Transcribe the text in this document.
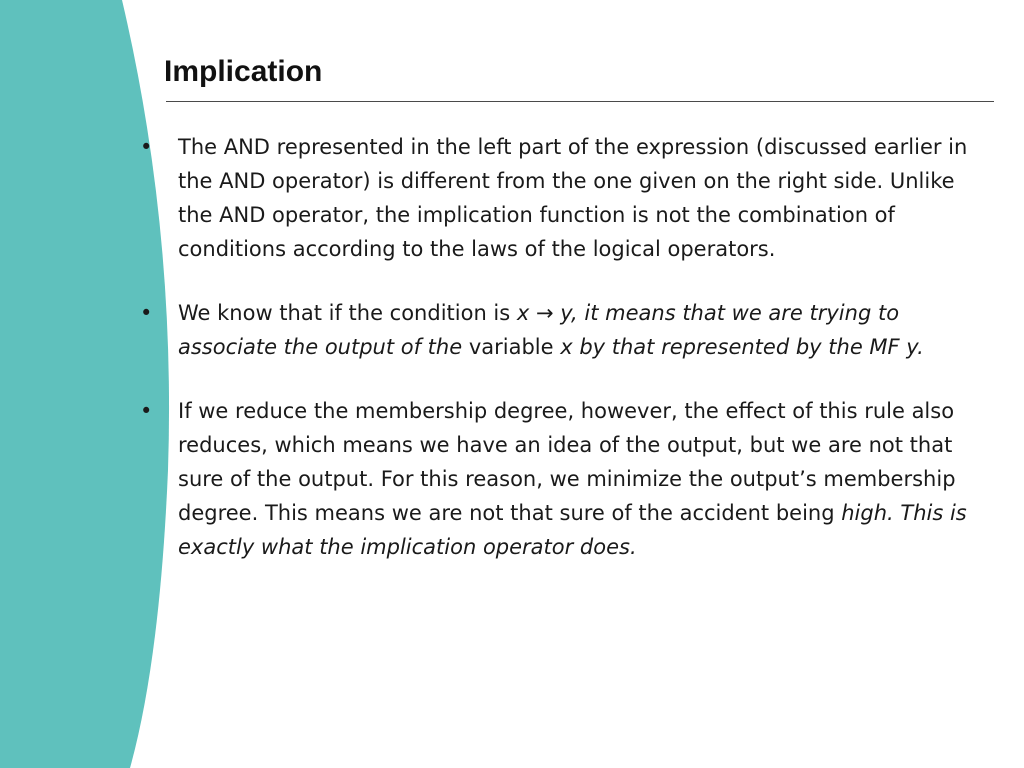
Implication
• The AND represented in the left part of the expression (discussed earlier in the AND operator) is different from the one given on the right side. Unlike the AND operator, the implication function is not the combination of conditions according to the laws of the logical operators.
• We know that if the condition is x → y, it means that we are trying to associate the output of the variable x by that represented by the MF y.
• If we reduce the membership degree, however, the effect of this rule also reduces, which means we have an idea of the output, but we are not that sure of the output. For this reason, we minimize the output’s membership degree. This means we are not that sure of the accident being high. This is exactly what the implication operator does.
